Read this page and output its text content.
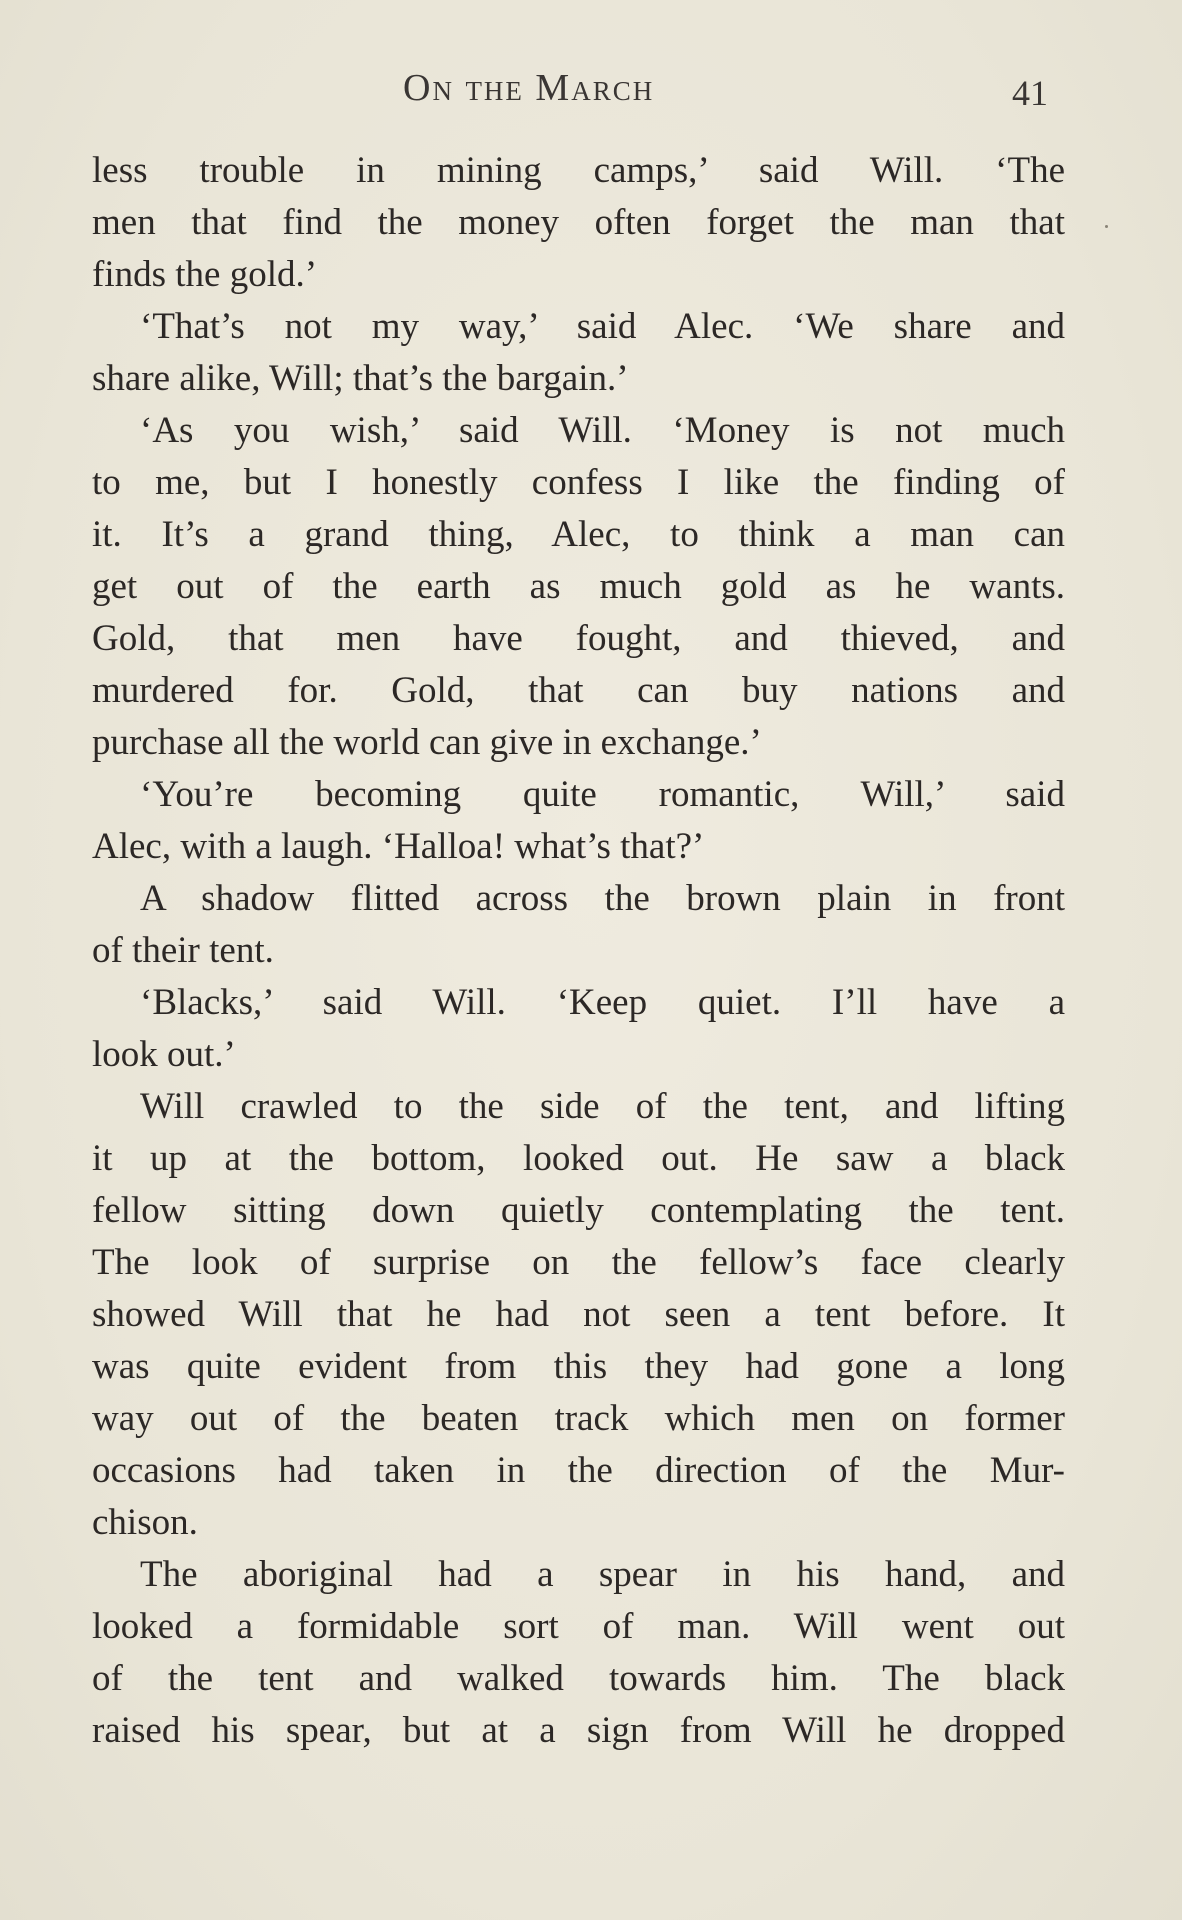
On the March	41
less trouble in mining camps,’ said Will. ‘The
men that find the money often forget the man that
finds the gold.’
‘That’s not my way,’ said Alec. ‘We share and
share alike, Will; that’s the bargain.’
‘As you wish,’ said Will. ‘Money is not much
to me, but I honestly confess I like the finding of
it. It’s a grand thing, Alec, to think a man can
get out of the earth as much gold as he wants.
Gold, that men have fought, and thieved, and
murdered for. Gold, that can buy nations and
purchase all the world can give in exchange.’
‘You’re becoming quite romantic, Will,’ said
Alec, with a laugh. ‘Halloa! what’s that?’
A shadow flitted across the brown plain in front
of their tent.
‘Blacks,’ said Will. ‘Keep quiet. I’ll have a
look out.’
Will crawled to the side of the tent, and lifting
it up at the bottom, looked out. He saw a black
fellow sitting down quietly contemplating the tent.
The look of surprise on the fellow’s face clearly
showed Will that he had not seen a tent before. It
was quite evident from this they had gone a long
way out of the beaten track which men on former
occasions had taken in the direction of the Mur-
chison.
The aboriginal had a spear in his hand, and
looked a formidable sort of man. Will went out
of the tent and walked towards him. The black
raised his spear, but at a sign from Will he dropped
